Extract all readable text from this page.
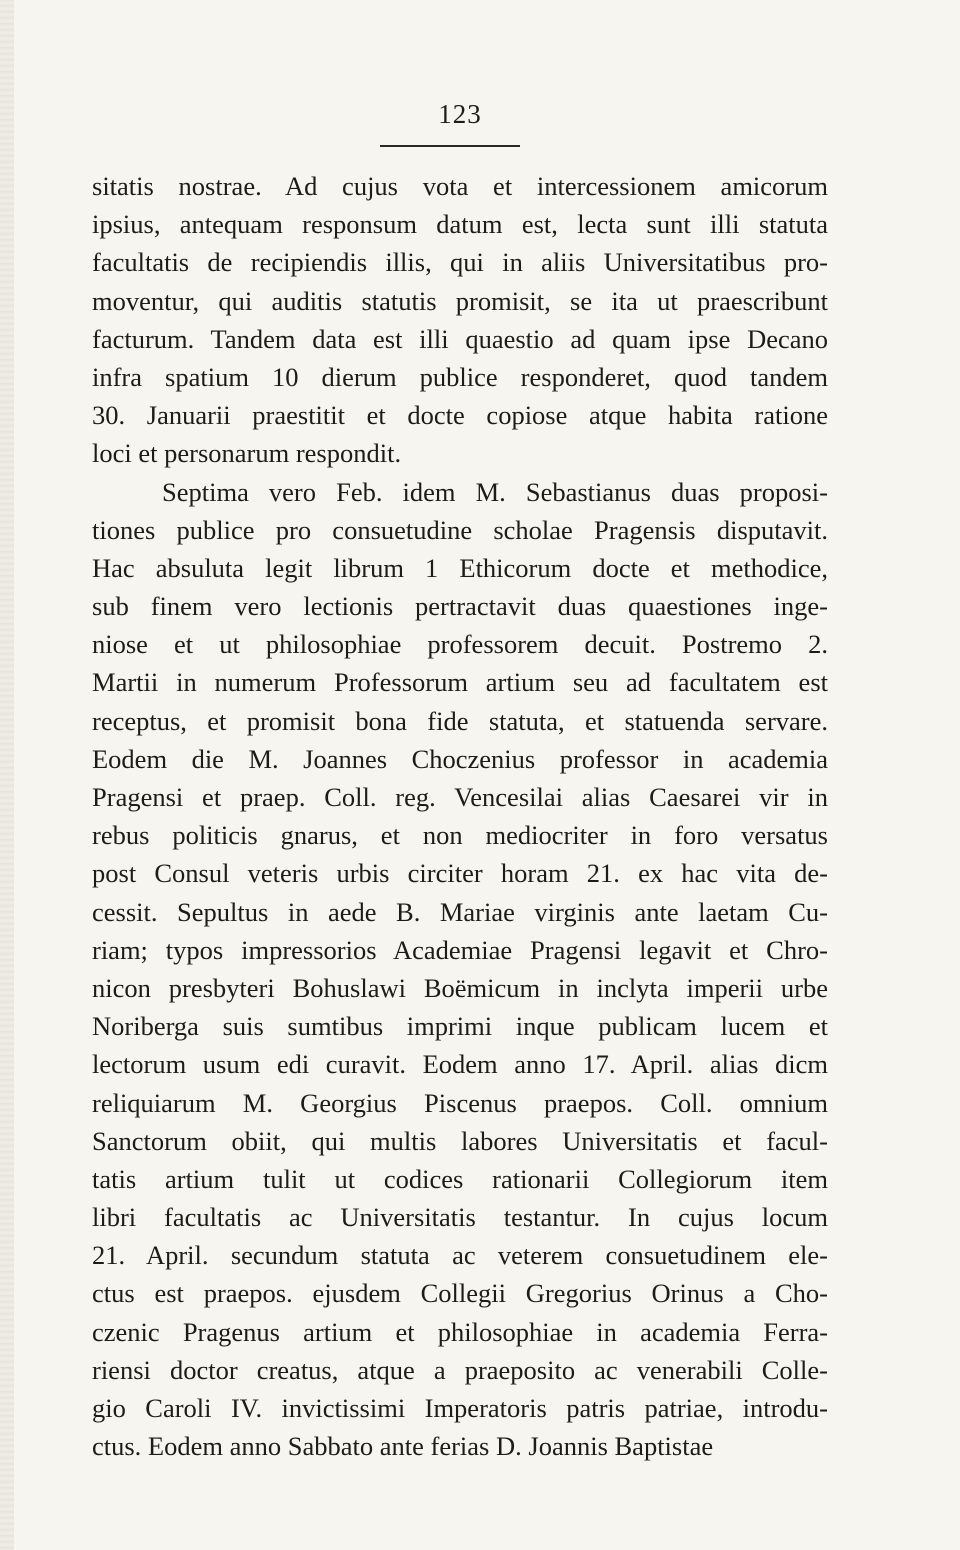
123
sitatis nostrae. Ad cujus vota et intercessionem amicorum
ipsius, antequam responsum datum est, lecta sunt illi statuta
facultatis de recipiendis illis, qui in aliis Universitatibus pro-
moventur, qui auditis statutis promisit, se ita ut praescribunt
facturum. Tandem data est illi quaestio ad quam ipse Decano
infra spatium 10 dierum publice responderet, quod tandem
30. Januarii praestitit et docte copiose atque habita ratione
loci et personarum respondit.
Septima vero Feb. idem M. Sebastianus duas proposi-
tiones publice pro consuetudine scholae Pragensis disputavit.
Hac absuluta legit librum 1 Ethicorum docte et methodice,
sub finem vero lectionis pertractavit duas quaestiones inge-
niose et ut philosophiae professorem decuit. Postremo 2.
Martii in numerum Professorum artium seu ad facultatem est
receptus, et promisit bona fide statuta, et statuenda servare.
Eodem die M. Joannes Choczenius professor in academia
Pragensi et praep. Coll. reg. Vencesilai alias Caesarei vir in
rebus politicis gnarus, et non mediocriter in foro versatus
post Consul veteris urbis circiter horam 21. ex hac vita de-
cessit. Sepultus in aede B. Mariae virginis ante laetam Cu-
riam; typos impressorios Academiae Pragensi legavit et Chro-
nicon presbyteri Bohuslawi Boëmicum in inclyta imperii urbe
Noriberga suis sumtibus imprimi inque publicam lucem et
lectorum usum edi curavit. Eodem anno 17. April. alias dicm
reliquiarum M. Georgius Piscenus praepos. Coll. omnium
Sanctorum obiit, qui multis labores Universitatis et facul-
tatis artium tulit ut codices rationarii Collegiorum item
libri facultatis ac Universitatis testantur. In cujus locum
21. April. secundum statuta ac veterem consuetudinem ele-
ctus est praepos. ejusdem Collegii Gregorius Orinus a Cho-
czenic Pragenus artium et philosophiae in academia Ferra-
riensi doctor creatus, atque a praeposito ac venerabili Colle-
gio Caroli IV. invictissimi Imperatoris patris patriae, introdu-
ctus. Eodem anno Sabbato ante ferias D. Joannis Baptistae
